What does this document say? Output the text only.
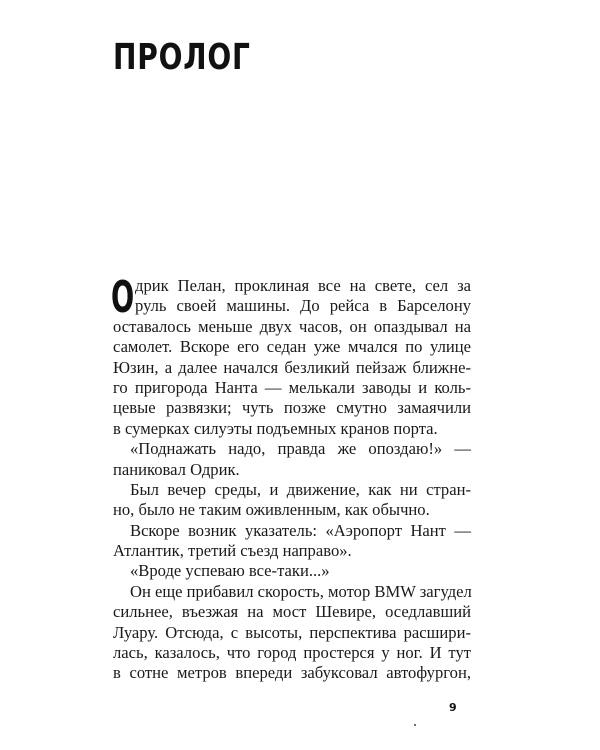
ПРОЛОГ
О дрик Пелан, проклиная все на свете, сел за
руль своей машины. До рейса в Барселону
оставалось меньше двух часов, он опаздывал на
самолет. Вскоре его седан уже мчался по улице
Юзин, а далее начался безликий пейзаж ближне-
го пригорода Нанта — мелькали заводы и коль-
цевые развязки; чуть позже смутно замаячили
в сумерках силуэты подъемных кранов порта.
«Поднажать надо, правда же опоздаю!» —
паниковал Одрик.
Был вечер среды, и движение, как ни стран-
но, было не таким оживленным, как обычно.
Вскоре возник указатель: «Аэропорт Нант —
Атлантик, третий съезд направо».
«Вроде успеваю все-таки...»
Он еще прибавил скорость, мотор BMW загудел
сильнее, въезжая на мост Шевире, оседлавший
Луару. Отсюда, с высоты, перспектива расшири-
лась, казалось, что город простерся у ног. И тут
в сотне метров впереди забуксовал автофургон,
9
